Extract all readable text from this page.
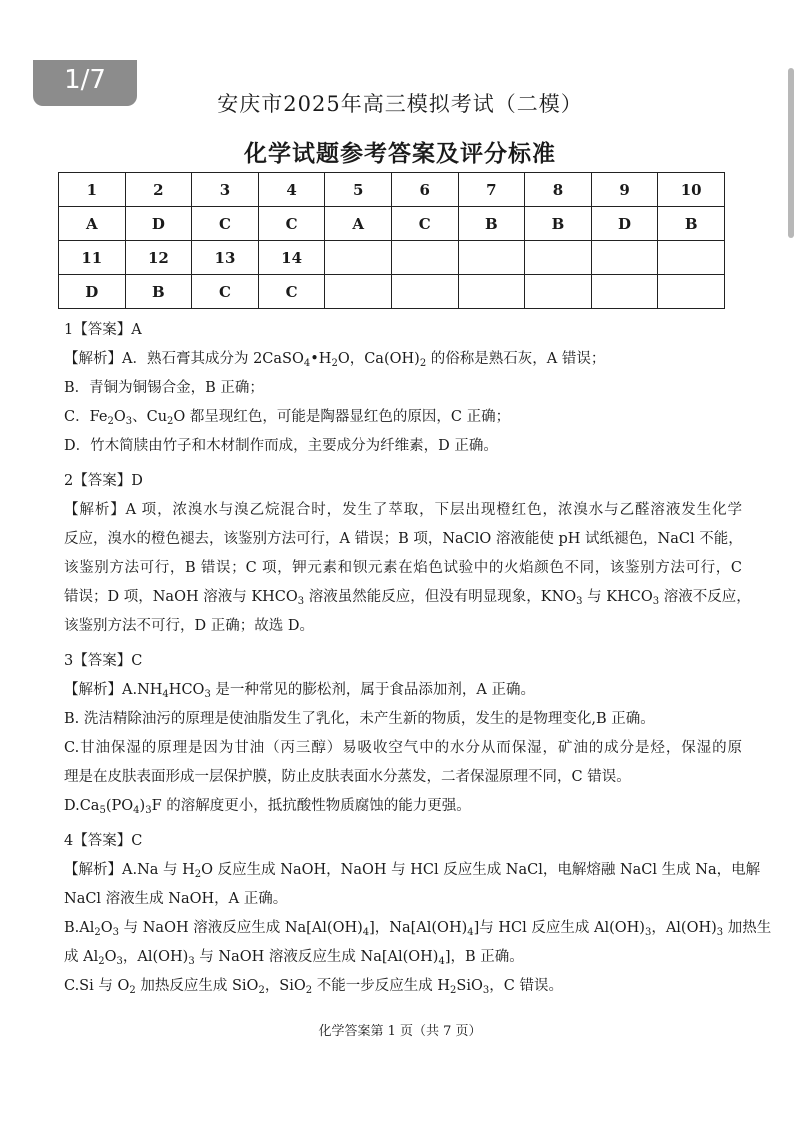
1/7
安庆市2025年高三模拟考试（二模）
化学试题参考答案及评分标准
1	2	3	4	5	6	7	8	9	10
A	D	C	C	A	C	B	B	D	B
11	12	13	14						
D	B	C	C						
1【答案】A
【解析】A．熟石膏其成分为 $2CaSO_4•H_2O$，$Ca(OH)_2$ 的俗称是熟石灰，A 错误；
B．青铜为铜锡合金，B 正确；
C．$Fe_2O_3$、$Cu_2O$ 都呈现红色，可能是陶器显红色的原因，C 正确；
D．竹木简牍由竹子和木材制作而成，主要成分为纤维素，D 正确。
2【答案】D
【解析】A 项，浓溴水与溴乙烷混合时，发生了萃取，下层出现橙红色，浓溴水与乙醛溶液发生化学
反应，溴水的橙色褪去，该鉴别方法可行，A 错误；B 项，NaClO 溶液能使 pH 试纸褪色，NaCl 不能，
该鉴别方法可行，B 错误；C 项，钾元素和钡元素在焰色试验中的火焰颜色不同，该鉴别方法可行，C
错误；D 项，NaOH 溶液与 $KHCO_3$ 溶液虽然能反应，但没有明显现象，$KNO_3$ 与 $KHCO_3$ 溶液不反应，
该鉴别方法不可行，D 正确；故选 D。
3【答案】C
【解析】$A.NH_4HCO_3$ 是一种常见的膨松剂，属于食品添加剂，A 正确。
B. 洗洁精除油污的原理是使油脂发生了乳化，未产生新的物质，发生的是物理变化,B 正确。
C.甘油保湿的原理是因为甘油（丙三醇）易吸收空气中的水分从而保湿，矿油的成分是烃，保湿的原
理是在皮肤表面形成一层保护膜，防止皮肤表面水分蒸发，二者保湿原理不同，C 错误。
$D.Ca_5(PO_4)_3F$ 的溶解度更小，抵抗酸性物质腐蚀的能力更强。
4【答案】C
【解析】A.Na 与 $H_2O$ 反应生成 NaOH，NaOH 与 HCl 反应生成 NaCl，电解熔融 NaCl 生成 Na，电解
NaCl 溶液生成 NaOH，A 正确。
$B.Al_2O_3$ 与 NaOH 溶液反应生成 $Na[Al(OH)_4]$，$Na[Al(OH)_4]$与 HCl 反应生成 $Al(OH)_3$，$Al(OH)_3$ 加热生
成 $Al_2O_3$，$Al(OH)_3$ 与 NaOH 溶液反应生成 $Na[Al(OH)_4]$，B 正确。
C.Si 与 $O_2$ 加热反应生成 SiO$_2$，SiO$_2$ 不能一步反应生成 $H_2SiO_3$，C 错误。
化学答案第 1 页（共 7 页）
